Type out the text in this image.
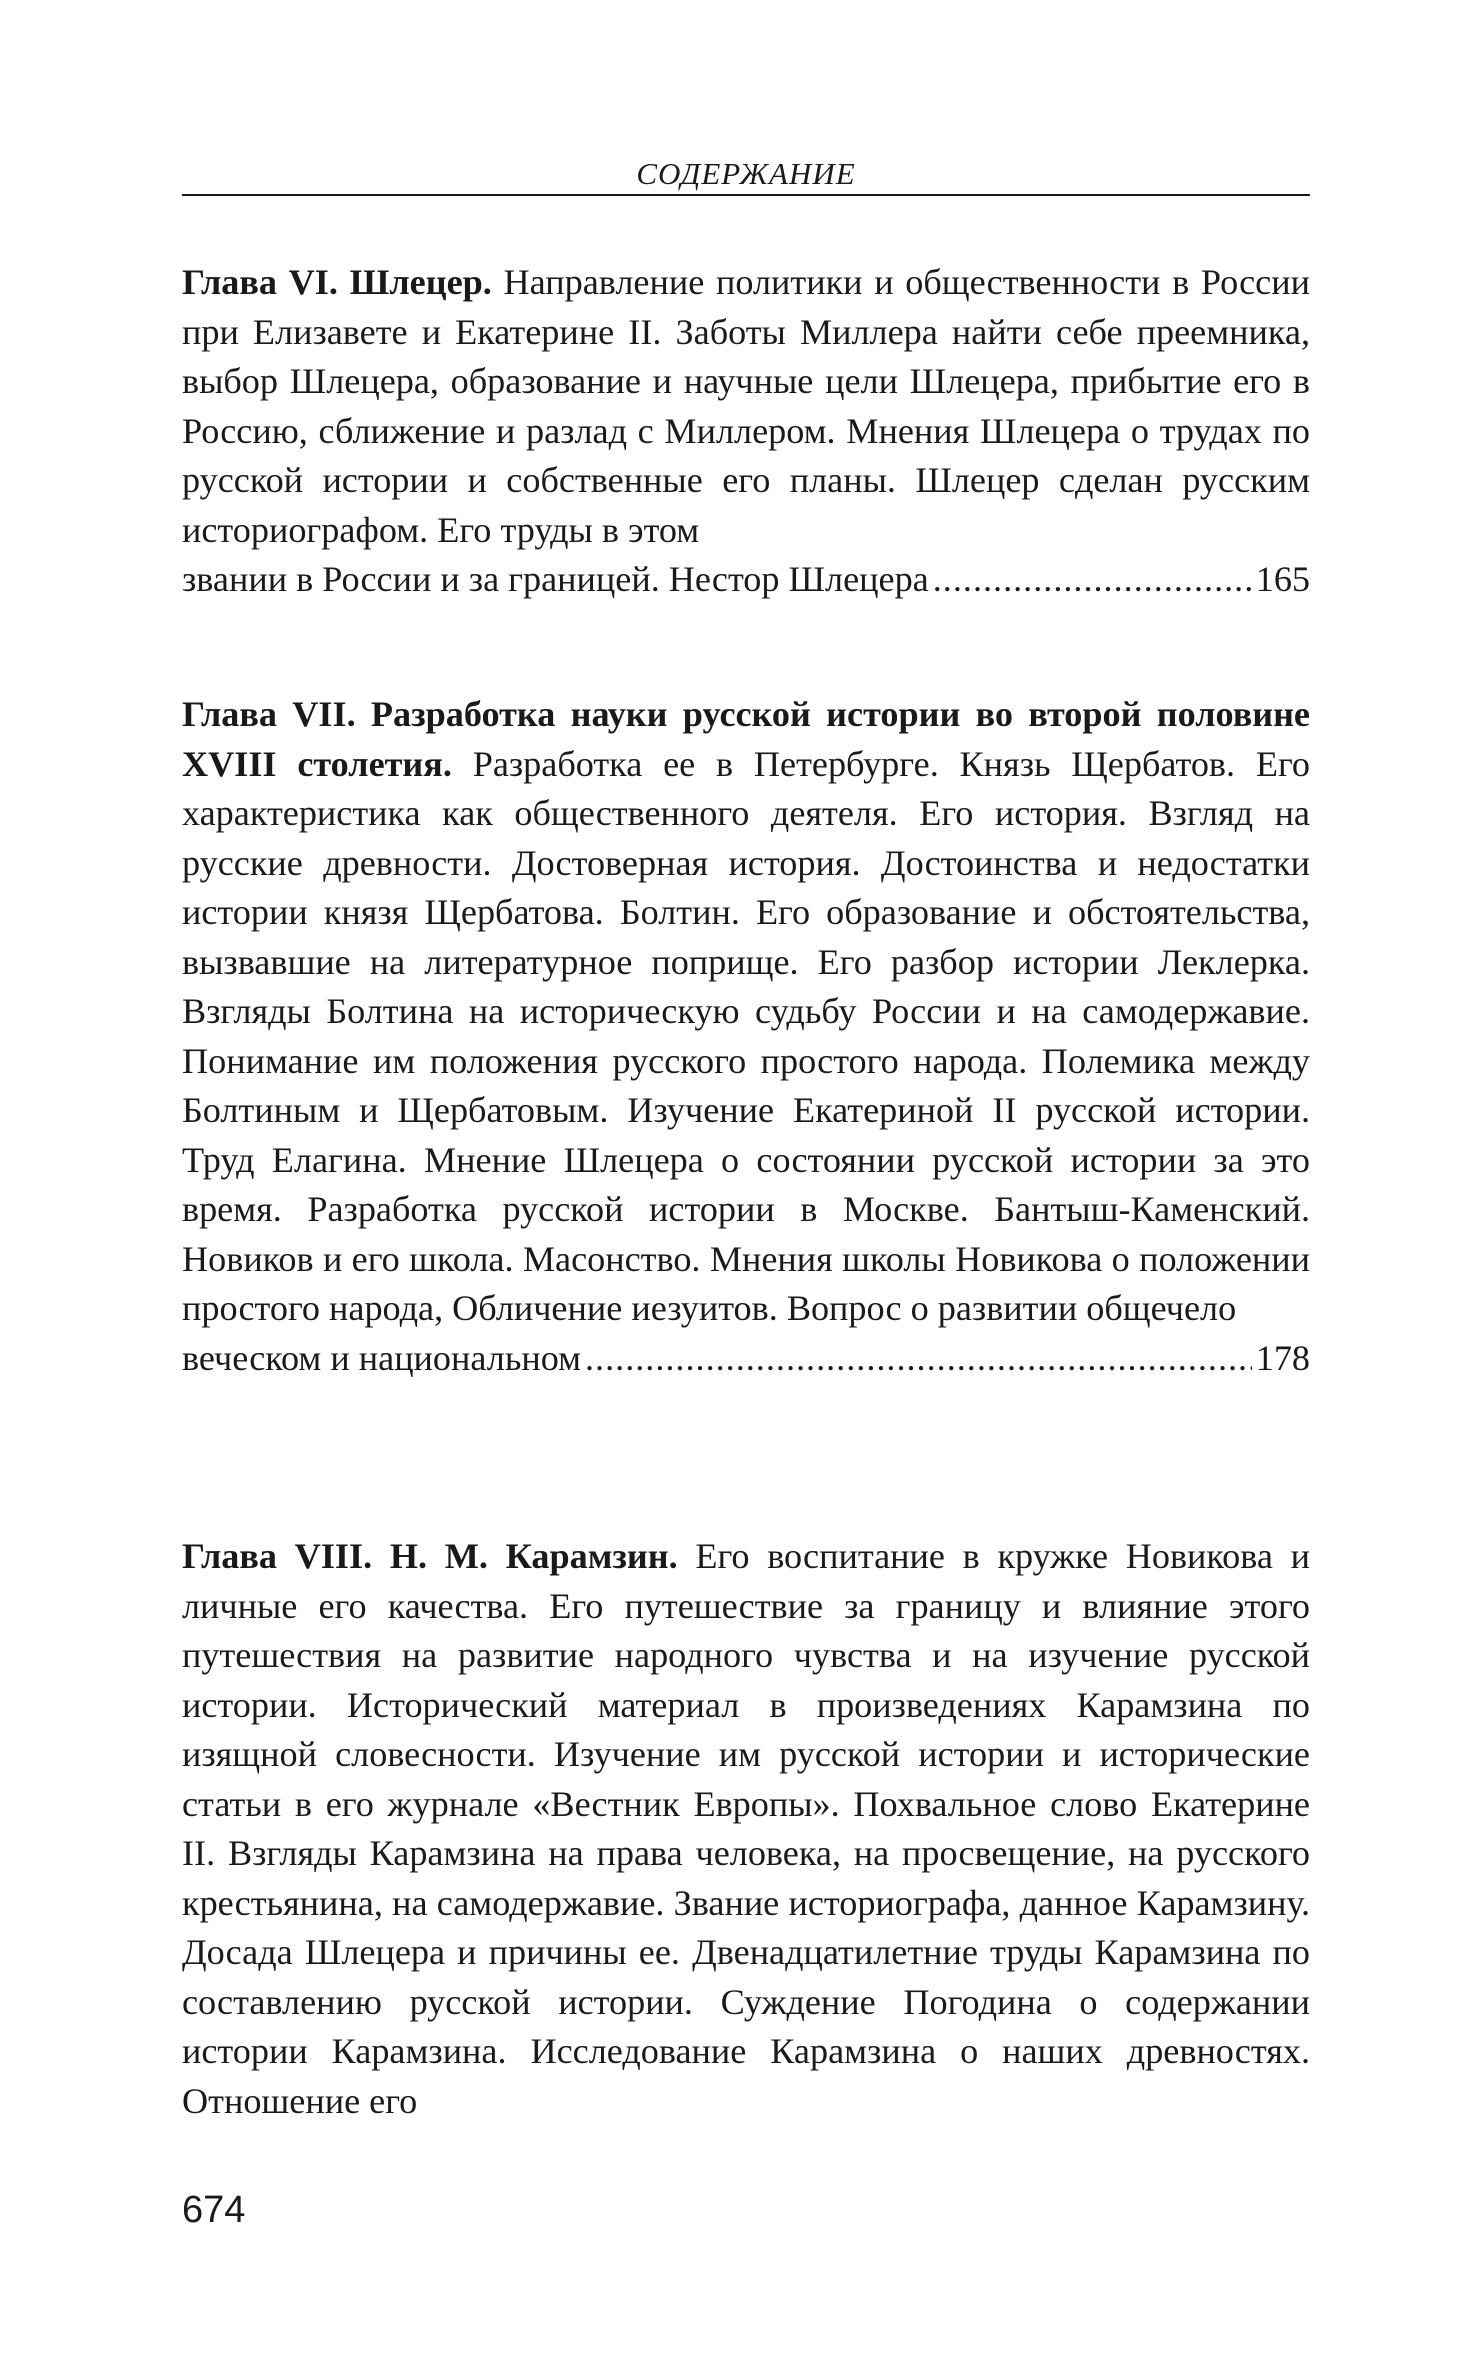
СОДЕРЖАНИЕ

Глава VI. Шлецер. Направление политики и общественности в России при Елизавете и Екатерине II. Заботы Миллера найти себе преемника, выбор Шлецера, образование и научные цели Шлецера, прибытие его в Россию, сближение и разлад с Миллером. Мнения Шлецера о трудах по русской истории и собственные его планы. Шлецер сделан русским историографом. Его труды в этом
звании в России и за границей. Нестор Шлецера .....	165

Глава VII. Разработка науки русской истории во второй половине XVIII столетия. Разработка ее в Петербурге. Князь Щербатов. Его характеристика как общественного деятеля. Его история. Взгляд на русские древности. Достоверная история. Достоинства и недостатки истории князя Щербатова. Болтин. Его образование и обстоятельства, вызвавшие на литературное поприще. Его разбор истории Леклерка. Взгляды Болтина на историческую судьбу России и на самодержавие. Понимание им положения русского простого народа. Полемика между Болтиным и Щербатовым. Изучение Екатериной II русской истории. Труд Елагина. Мнение Шлецера о состоянии русской истории за это время. Разработка русской истории в Москве. Бантыш-Каменский. Новиков и его школа. Масонство. Мнения школы Новикова о положении простого народа, Обличение иезуитов. Вопрос о развитии общечело
веческом и национальном .....	178

Глава VIII. Н. М. Карамзин. Его воспитание в кружке Новикова и личные его качества. Его путешествие за границу и влияние этого путешествия на развитие народного чувства и на изучение русской истории. Исторический материал в произведениях Карамзина по изящной словесности. Изучение им русской истории и исторические статьи в его журнале «Вестник Европы». Похвальное слово Екатерине II. Взгляды Карамзина на права человека, на просвещение, на русского крестьянина, на самодержавие. Звание историографа, данное Карамзину. Досада Шлецера и причины ее. Двенадцатилетние труды Карамзина по составлению русской истории. Суждение Погодина о содержании истории Карамзина. Исследование Карамзина о наших древностях. Отношение его

674
